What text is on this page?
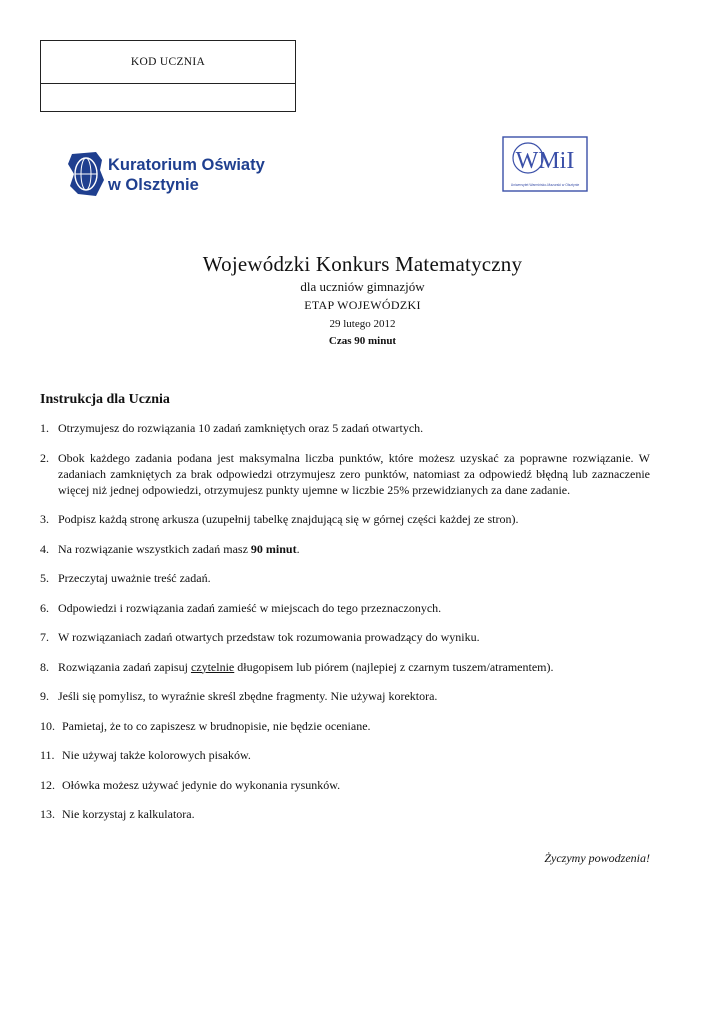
KOD UCZNIA
Kuratorium Oświaty
w Olsztynie
WMiI
Uniwersytet Warmińsko-Mazurski w Olsztynie
Wojewódzki Konkurs Matematyczny
dla uczniów gimnazjów
ETAP WOJEWÓDZKI
29 lutego 2012
Czas 90 minut
Instrukcja dla Ucznia
1. Otrzymujesz do rozwiązania 10 zadań zamkniętych oraz 5 zadań otwartych.
2. Obok każdego zadania podana jest maksymalna liczba punktów, które możesz uzyskać za poprawne rozwiązanie. W zadaniach zamkniętych za brak odpowiedzi otrzymujesz zero punktów, natomiast za odpowiedź błędną lub zaznaczenie więcej niż jednej odpowiedzi, otrzymujesz punkty ujemne w liczbie 25% przewidzianych za dane zadanie.
3. Podpisz każdą stronę arkusza (uzupełnij tabelkę znajdującą się w górnej części każdej ze stron).
4. Na rozwiązanie wszystkich zadań masz 90 minut.
5. Przeczytaj uważnie treść zadań.
6. Odpowiedzi i rozwiązania zadań zamieść w miejscach do tego przeznaczonych.
7. W rozwiązaniach zadań otwartych przedstaw tok rozumowania prowadzący do wyniku.
8. Rozwiązania zadań zapisuj czytelnie długopisem lub piórem (najlepiej z czarnym tuszem/atramentem).
9. Jeśli się pomylisz, to wyraźnie skreśl zbędne fragmenty. Nie używaj korektora.
10. Pamietaj, że to co zapiszesz w brudnopisie, nie będzie oceniane.
11. Nie używaj także kolorowych pisaków.
12. Ołówka możesz używać jedynie do wykonania rysunków.
13. Nie korzystaj z kalkulatora.
Życzymy powodzenia!
